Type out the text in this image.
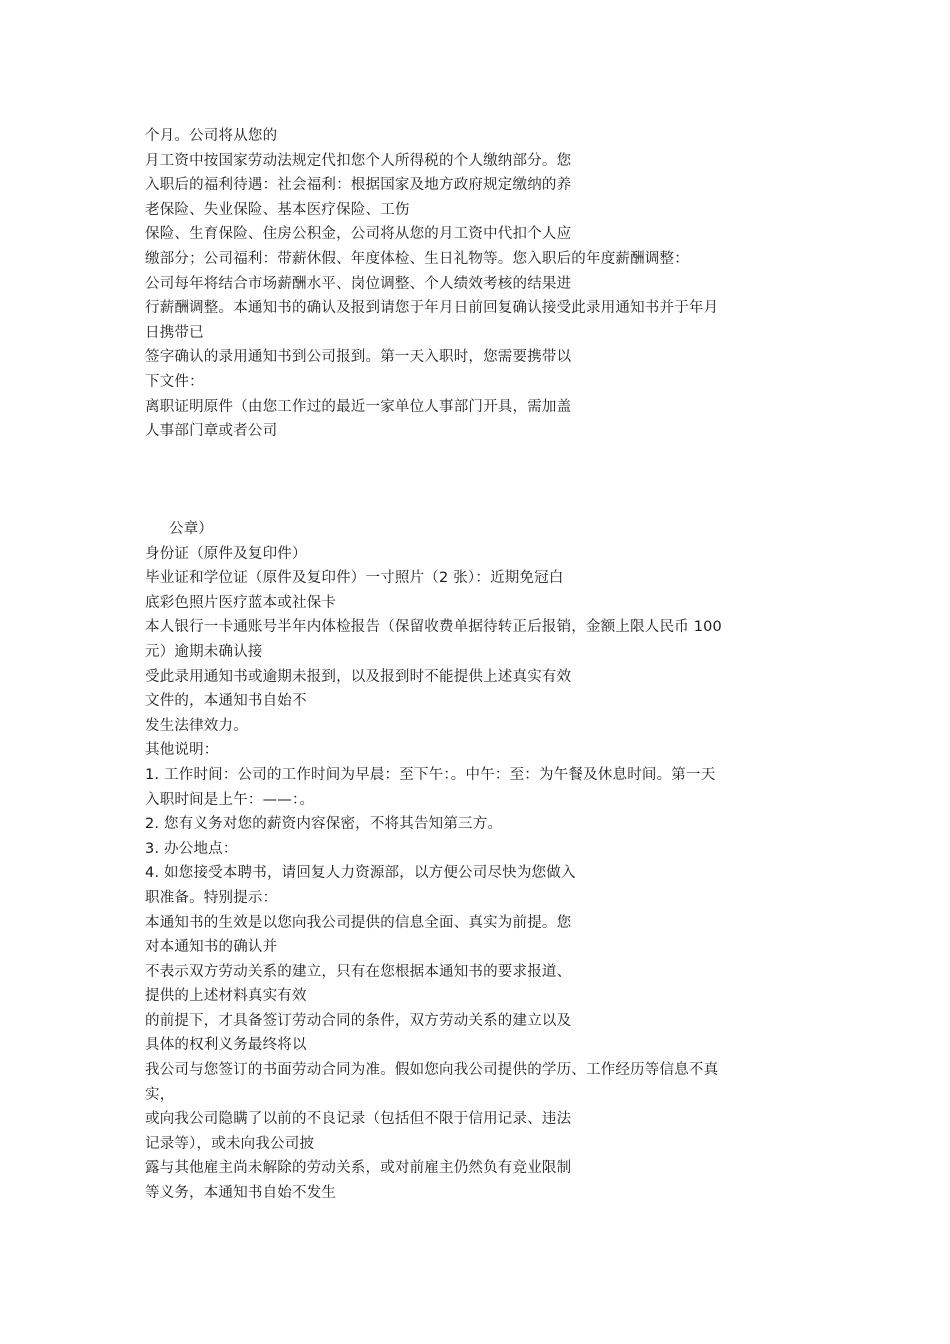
个月。公司将从您的
月工资中按国家劳动法规定代扣您个人所得税的个人缴纳部分。您
入职后的福利待遇：社会福利：根据国家及地方政府规定缴纳的养
老保险、失业保险、基本医疗保险、工伤
保险、生育保险、住房公积金，公司将从您的月工资中代扣个人应
缴部分；公司福利：带薪休假、年度体检、生日礼物等。您入职后的年度薪酬调整：
公司每年将结合市场薪酬水平、岗位调整、个人绩效考核的结果进
行薪酬调整。本通知书的确认及报到请您于年月日前回复确认接受此录用通知书并于年月
日携带已
签字确认的录用通知书到公司报到。第一天入职时，您需要携带以
下文件：
离职证明原件（由您工作过的最近一家单位人事部门开具，需加盖
人事部门章或者公司
公章）
身份证（原件及复印件）
毕业证和学位证（原件及复印件）一寸照片（2 张）：近期免冠白
底彩色照片医疗蓝本或社保卡
本人银行一卡通账号半年内体检报告（保留收费单据待转正后报销，金额上限人民币 100
元）逾期未确认接
受此录用通知书或逾期未报到，以及报到时不能提供上述真实有效
文件的，本通知书自始不
发生法律效力。
其他说明：
1. 工作时间：公司的工作时间为早晨：至下午：。中午：至：为午餐及休息时间。第一天
入职时间是上午：——：。
2. 您有义务对您的薪资内容保密，不将其告知第三方。
3. 办公地点：
4. 如您接受本聘书，请回复人力资源部，以方便公司尽快为您做入
职准备。特别提示：
本通知书的生效是以您向我公司提供的信息全面、真实为前提。您
对本通知书的确认并
不表示双方劳动关系的建立，只有在您根据本通知书的要求报道、
提供的上述材料真实有效
的前提下，才具备签订劳动合同的条件，双方劳动关系的建立以及
具体的权利义务最终将以
我公司与您签订的书面劳动合同为准。假如您向我公司提供的学历、工作经历等信息不真
实，
或向我公司隐瞒了以前的不良记录（包括但不限于信用记录、违法
记录等），或未向我公司披
露与其他雇主尚未解除的劳动关系，或对前雇主仍然负有竞业限制
等义务，本通知书自始不发生
